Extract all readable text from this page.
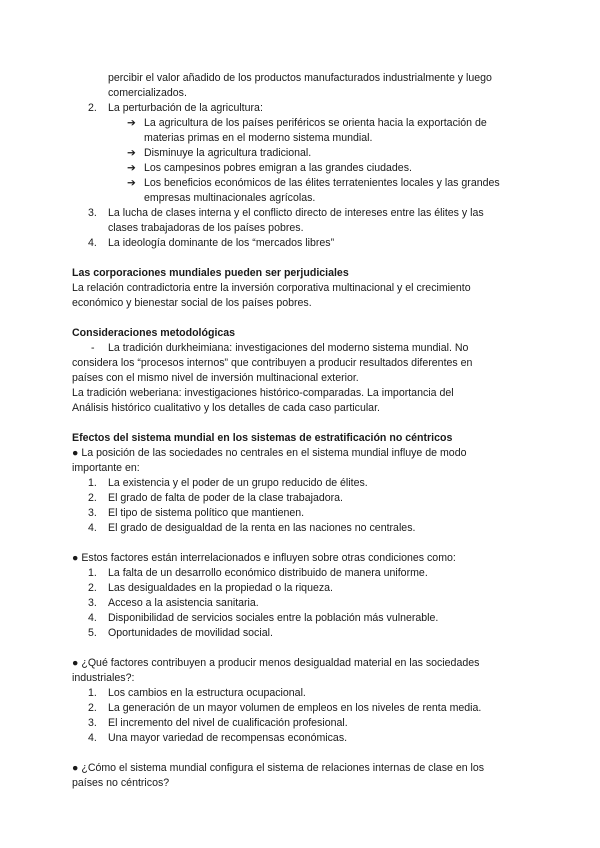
percibir el valor añadido de los productos manufacturados industrialmente y luego
comercializados.
2. La perturbación de la agricultura:
➔ La agricultura de los países periféricos se orienta hacia la exportación de
materias primas en el moderno sistema mundial.
➔ Disminuye la agricultura tradicional.
➔ Los campesinos pobres emigran a las grandes ciudades.
➔ Los beneficios económicos de las élites terratenientes locales y las grandes
empresas multinacionales agrícolas.
3. La lucha de clases interna y el conflicto directo de intereses entre las élites y las
clases trabajadoras de los países pobres.
4. La ideología dominante de los “mercados libres”
Las corporaciones mundiales pueden ser perjudiciales
La relación contradictoria entre la inversión corporativa multinacional y el crecimiento
económico y bienestar social de los países pobres.
Consideraciones metodológicas
- La tradición durkheimiana: investigaciones del moderno sistema mundial. No
considera los “procesos internos” que contribuyen a producir resultados diferentes en
países con el mismo nivel de inversión multinacional exterior.
La tradición weberiana: investigaciones histórico-comparadas. La importancia del
Análisis histórico cualitativo y los detalles de cada caso particular.
Efectos del sistema mundial en los sistemas de estratificación no céntricos
● La posición de las sociedades no centrales en el sistema mundial influye de modo
importante en:
1. La existencia y el poder de un grupo reducido de élites.
2. El grado de falta de poder de la clase trabajadora.
3. El tipo de sistema político que mantienen.
4. El grado de desigualdad de la renta en las naciones no centrales.
● Estos factores están interrelacionados e influyen sobre otras condiciones como:
1. La falta de un desarrollo económico distribuido de manera uniforme.
2. Las desigualdades en la propiedad o la riqueza.
3. Acceso a la asistencia sanitaria.
4. Disponibilidad de servicios sociales entre la población más vulnerable.
5. Oportunidades de movilidad social.
● ¿Qué factores contribuyen a producir menos desigualdad material en las sociedades
industriales?:
1. Los cambios en la estructura ocupacional.
2. La generación de un mayor volumen de empleos en los niveles de renta media.
3. El incremento del nivel de cualificación profesional.
4. Una mayor variedad de recompensas económicas.
● ¿Cómo el sistema mundial configura el sistema de relaciones internas de clase en los
países no céntricos?
